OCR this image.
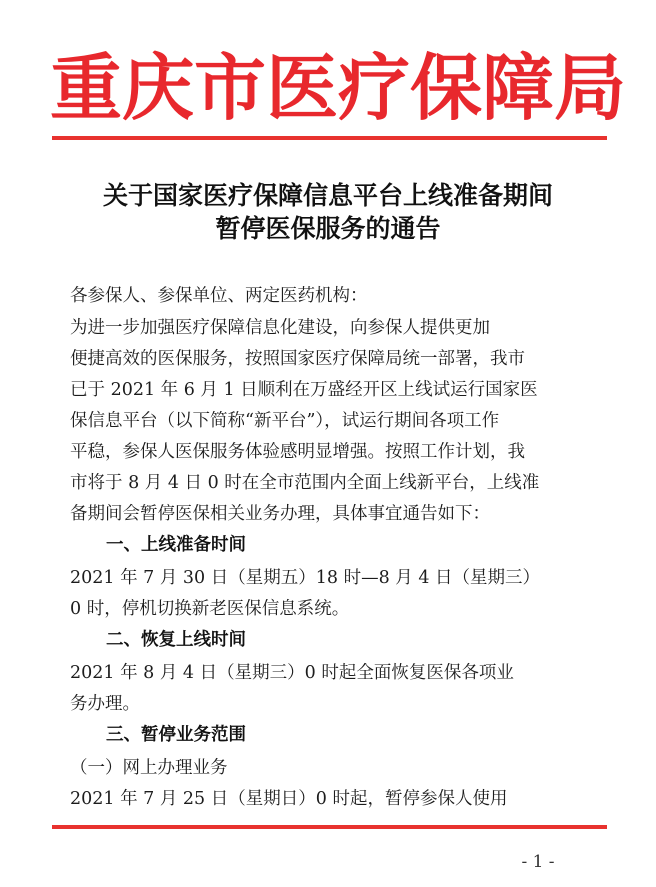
重庆市医疗保障局
关于国家医疗保障信息平台上线准备期间
暂停医保服务的通告
各参保人、参保单位、两定医药机构：
为进一步加强医疗保障信息化建设，向参保人提供更加
便捷高效的医保服务，按照国家医疗保障局统一部署，我市
已于 2021 年 6 月 1 日顺利在万盛经开区上线试运行国家医
保信息平台（以下简称“新平台”），试运行期间各项工作
平稳，参保人医保服务体验感明显增强。按照工作计划，我
市将于 8 月 4 日 0 时在全市范围内全面上线新平台，上线准
备期间会暂停医保相关业务办理，具体事宜通告如下：
一、上线准备时间
2021 年 7 月 30 日（星期五）18 时—8 月 4 日（星期三）
0 时，停机切换新老医保信息系统。
二、恢复上线时间
2021 年 8 月 4 日（星期三）0 时起全面恢复医保各项业
务办理。
三、暂停业务范围
（一）网上办理业务
2021 年 7 月 25 日（星期日）0 时起，暂停参保人使用
- 1 -
